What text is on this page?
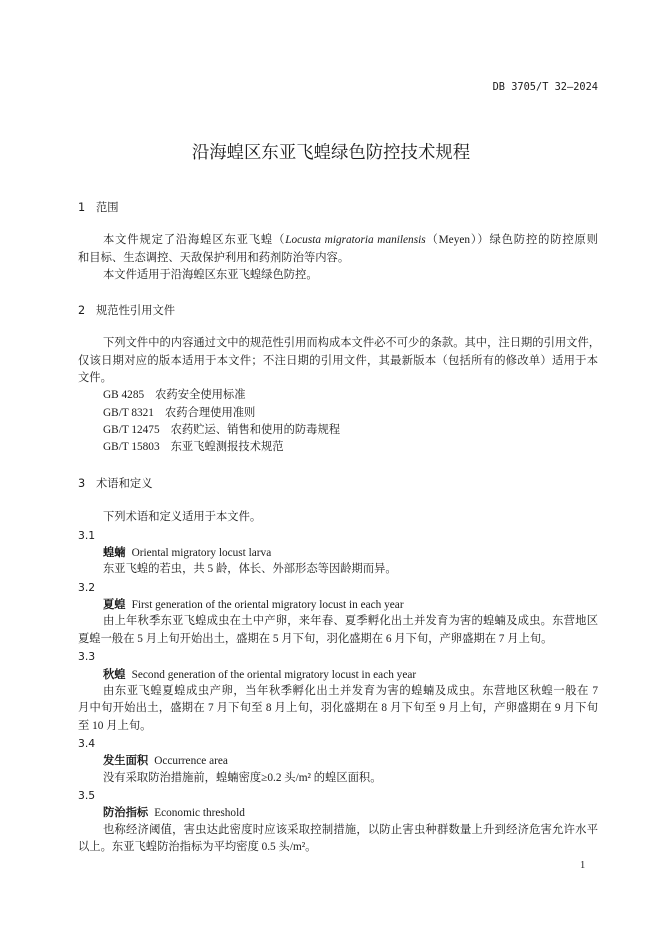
DB 3705/T 32—2024
沿海蝗区东亚飞蝗绿色防控技术规程
1 范围
本文件规定了沿海蝗区东亚飞蝗（Locusta migratoria manilensis（Meyen））绿色防控的防控原则
和目标、生态调控、天敌保护利用和药剂防治等内容。
本文件适用于沿海蝗区东亚飞蝗绿色防控。
2 规范性引用文件
下列文件中的内容通过文中的规范性引用而构成本文件必不可少的条款。其中，注日期的引用文件，
仅该日期对应的版本适用于本文件；不注日期的引用文件，其最新版本（包括所有的修改单）适用于本
文件。
GB 4285 农药安全使用标准
GB/T 8321 农药合理使用准则
GB/T 12475 农药贮运、销售和使用的防毒规程
GB/T 15803 东亚飞蝗测报技术规范
3 术语和定义
下列术语和定义适用于本文件。
3.1
蝗蝻 Oriental migratory locust larva
东亚飞蝗的若虫，共 5 龄，体长、外部形态等因龄期而异。
3.2
夏蝗 First generation of the oriental migratory locust in each year
由上年秋季东亚飞蝗成虫在土中产卵，来年春、夏季孵化出土并发育为害的蝗蝻及成虫。东营地区
夏蝗一般在 5 月上旬开始出土，盛期在 5 月下旬，羽化盛期在 6 月下旬，产卵盛期在 7 月上旬。
3.3
秋蝗 Second generation of the oriental migratory locust in each year
由东亚飞蝗夏蝗成虫产卵，当年秋季孵化出土并发育为害的蝗蝻及成虫。东营地区秋蝗一般在 7
月中旬开始出土，盛期在 7 月下旬至 8 月上旬，羽化盛期在 8 月下旬至 9 月上旬，产卵盛期在 9 月下旬
至 10 月上旬。
3.4
发生面积 Occurrence area
没有采取防治措施前，蝗蝻密度≥0.2 头/m² 的蝗区面积。
3.5
防治指标 Economic threshold
也称经济阈值，害虫达此密度时应该采取控制措施，以防止害虫种群数量上升到经济危害允许水平
以上。东亚飞蝗防治指标为平均密度 0.5 头/m²。
1
